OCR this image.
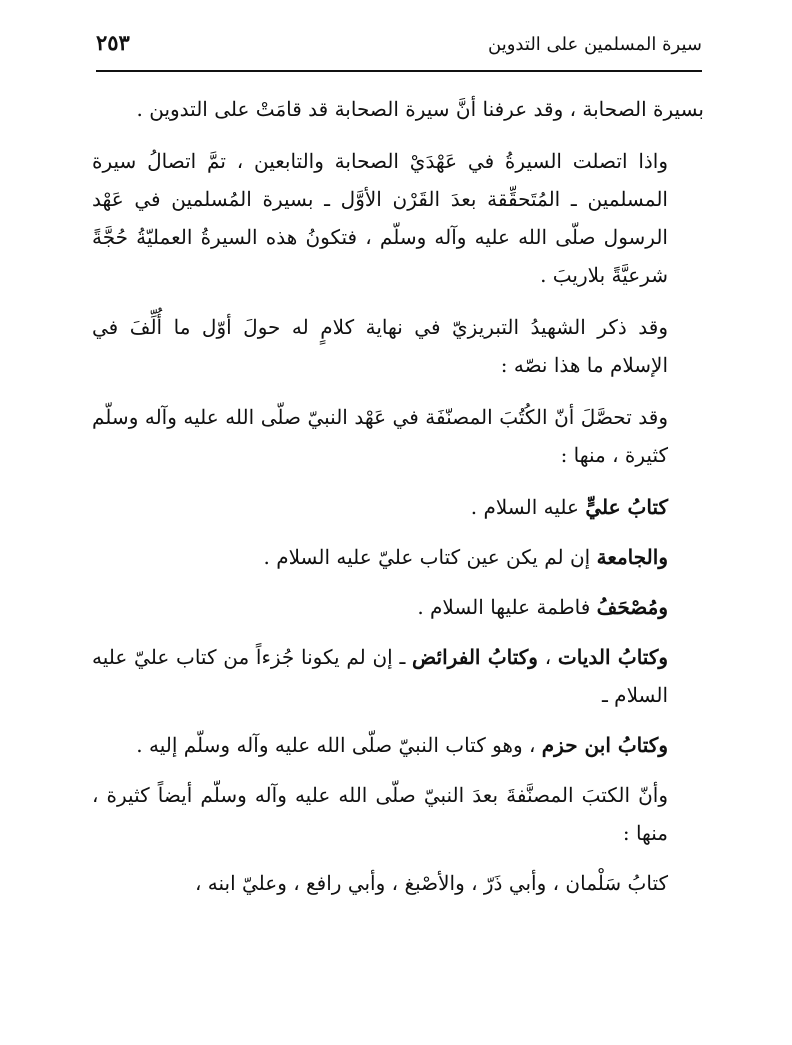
سيرة المسلمين على التدوين
٢٥٣

بسيرة الصحابة ، وقد عرفنا أنَّ سيرة الصحابة قد قامَتْ على التدوين .

واذا اتصلت السيرةُ في عَهْدَيْ الصحابة والتابعين ، تمَّ اتصالُ سيرة المسلمين ـ المُتَحقِّقة بعدَ القَرْن الأوَّل ـ بسيرة المُسلمين في عَهْد الرسول صلّى الله عليه وآله وسلّم ، فتكونُ هذه السيرةُ العمليّةُ حُجَّةً شرعيَّةً بلاريبَ .

وقد ذكر الشهيدُ التبريزيّ في نهاية كلامٍ له حولَ أوّل ما أُلِّفَ في الإسلام ما هذا نصّه :

وقد تحصَّلَ أنّ الكُتُبَ المصنّفَة في عَهْد النبيّ صلّى الله عليه وآله وسلّم كثيرة ، منها :

كتابُ عليٍّ عليه السلام .

والجامعة إن لم يكن عين كتاب عليّ عليه السلام .

ومُصْحَفُ فاطمة عليها السلام .

وكتابُ الديات ، وكتابُ الفرائض ـ إن لم يكونا جُزءاً من كتاب عليّ عليه السلام ـ

وكتابُ ابن حزم ، وهو كتاب النبيّ صلّى الله عليه وآله وسلّم إليه .

وأنّ الكتبَ المصنَّفةَ بعدَ النبيّ صلّى الله عليه وآله وسلّم أيضاً كثيرة ، منها :

كتابُ سَلْمان ، وأبي ذَرّ ، والأصْبغ ، وأبي رافع ، وعليّ ابنه ،
